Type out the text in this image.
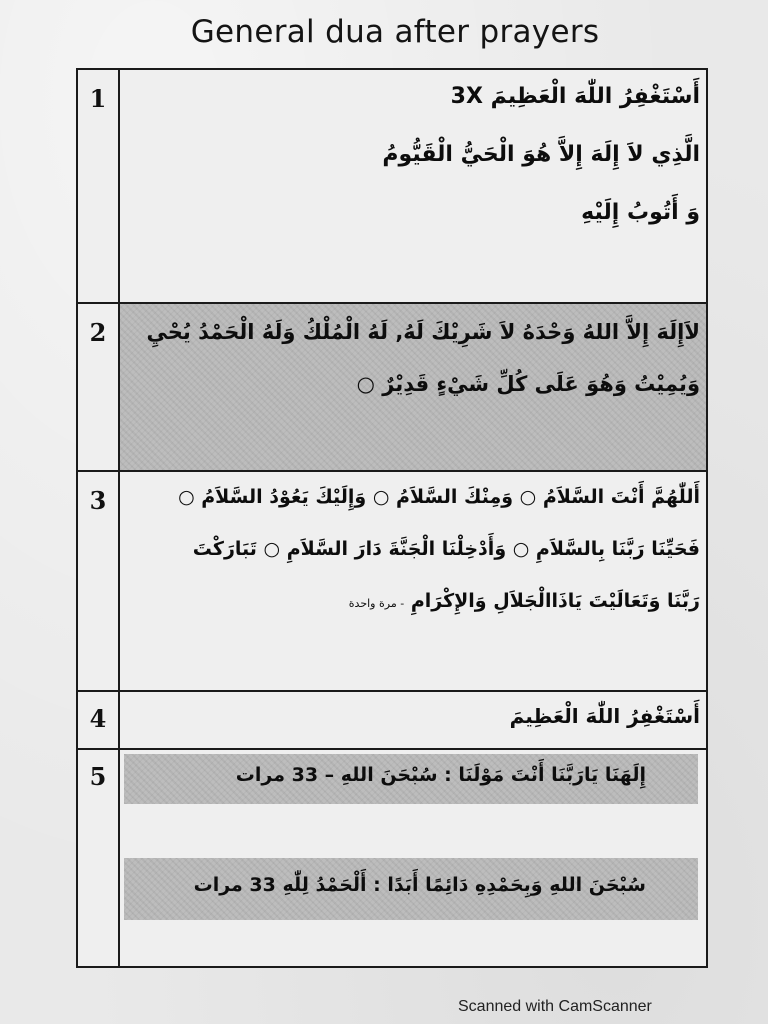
General dua after prayers
1	أَسْتَغْفِرُ اللّٰهَ الْعَظِيمَ 3X
الَّذِي لاَ إِلَهَ إِلاَّ هُوَ الْحَيُّ الْقَيُّومُ
وَ أَتُوبُ إِلَيْهِ
2	لاَإِلَهَ إِلاَّ اللهُ وَحْدَهُ لاَ شَرِيْكَ لَهُ, لَهُ الْمُلْكُ وَلَهُ الْحَمْدُ يُحْيِ
وَيُمِيْتُ وَهُوَ عَلَى كُلِّ شَيْءٍ قَدِيْرٌ ○
3	أَللّٰهُمَّ أَنْتَ السَّلاَمُ ○ وَمِنْكَ السَّلاَمُ ○ وَإِلَيْكَ يَعُوْدُ السَّلاَمُ ○
فَحَيِّنَا رَبَّنَا بِالسَّلاَمِ ○ وَأَدْخِلْنَا الْجَنَّةَ دَارَ السَّلاَمِ ○ تَبَارَكْتَ
رَبَّنَا وَتَعَالَيْتَ يَاذَاالْجَلاَلِ وَالإِكْرَامِ - مرة واحدة
4	أَسْتَغْفِرُ اللّٰهَ الْعَظِيمَ
5	إِلَهَنَا يَارَبَّنَا أَنْتَ مَوْلَنَا : سُبْحَنَ اللهِ – 33 مرات
سُبْحَنَ اللهِ وَبِحَمْدِهِ دَائِمًا أَبَدًا : أَلْحَمْدُ لِلّٰهِ 33 مرات
Scanned with CamScanner
